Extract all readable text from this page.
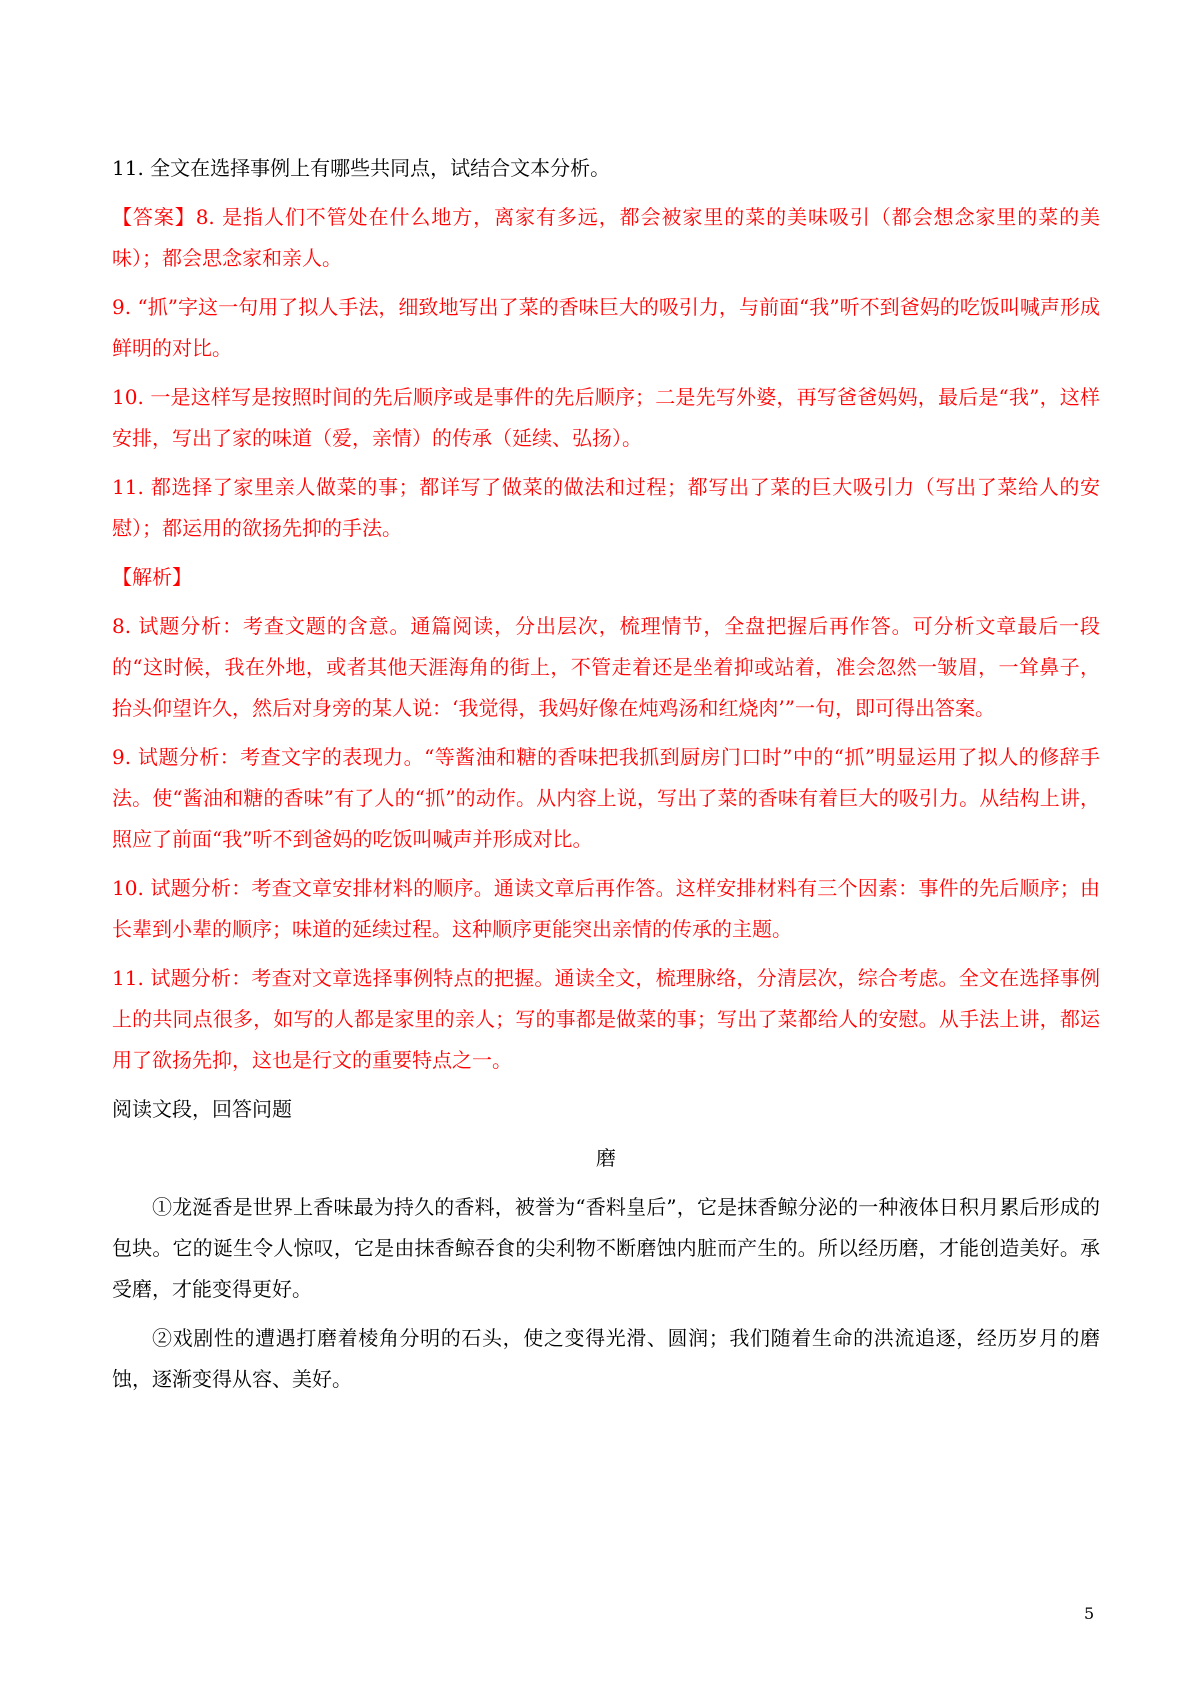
11. 全文在选择事例上有哪些共同点，试结合文本分析。

【答案】8. 是指人们不管处在什么地方，离家有多远，都会被家里的菜的美味吸引（都会想念家里的菜的美味）；都会思念家和亲人。

9. “抓”字这一句用了拟人手法，细致地写出了菜的香味巨大的吸引力，与前面“我”听不到爸妈的吃饭叫喊声形成鲜明的对比。

10. 一是这样写是按照时间的先后顺序或是事件的先后顺序；二是先写外婆，再写爸爸妈妈，最后是“我”，这样安排，写出了家的味道（爱，亲情）的传承（延续、弘扬）。

11. 都选择了家里亲人做菜的事；都详写了做菜的做法和过程；都写出了菜的巨大吸引力（写出了菜给人的安慰）；都运用的欲扬先抑的手法。

【解析】

8. 试题分析：考查文题的含意。通篇阅读，分出层次，梳理情节，全盘把握后再作答。可分析文章最后一段的“这时候，我在外地，或者其他天涯海角的街上，不管走着还是坐着抑或站着，准会忽然一皱眉，一耸鼻子，抬头仰望许久，然后对身旁的某人说：‘我觉得，我妈好像在炖鸡汤和红烧肉’”一句，即可得出答案。

9. 试题分析：考查文字的表现力。“等酱油和糖的香味把我抓到厨房门口时”中的“抓”明显运用了拟人的修辞手法。使“酱油和糖的香味”有了人的“抓”的动作。从内容上说，写出了菜的香味有着巨大的吸引力。从结构上讲，照应了前面“我”听不到爸妈的吃饭叫喊声并形成对比。

10. 试题分析：考查文章安排材料的顺序。通读文章后再作答。这样安排材料有三个因素：事件的先后顺序；由长辈到小辈的顺序；味道的延续过程。这种顺序更能突出亲情的传承的主题。

11. 试题分析：考查对文章选择事例特点的把握。通读全文，梳理脉络，分清层次，综合考虑。全文在选择事例上的共同点很多，如写的人都是家里的亲人；写的事都是做菜的事；写出了菜都给人的安慰。从手法上讲，都运用了欲扬先抑，这也是行文的重要特点之一。

阅读文段，回答问题

磨

①龙涎香是世界上香味最为持久的香料，被誉为“香料皇后”，它是抹香鲸分泌的一种液体日积月累后形成的包块。它的诞生令人惊叹，它是由抹香鲸吞食的尖利物不断磨蚀内脏而产生的。所以经历磨，才能创造美好。承受磨，才能变得更好。

②戏剧性的遭遇打磨着棱角分明的石头，使之变得光滑、圆润；我们随着生命的洪流追逐，经历岁月的磨蚀，逐渐变得从容、美好。

5
